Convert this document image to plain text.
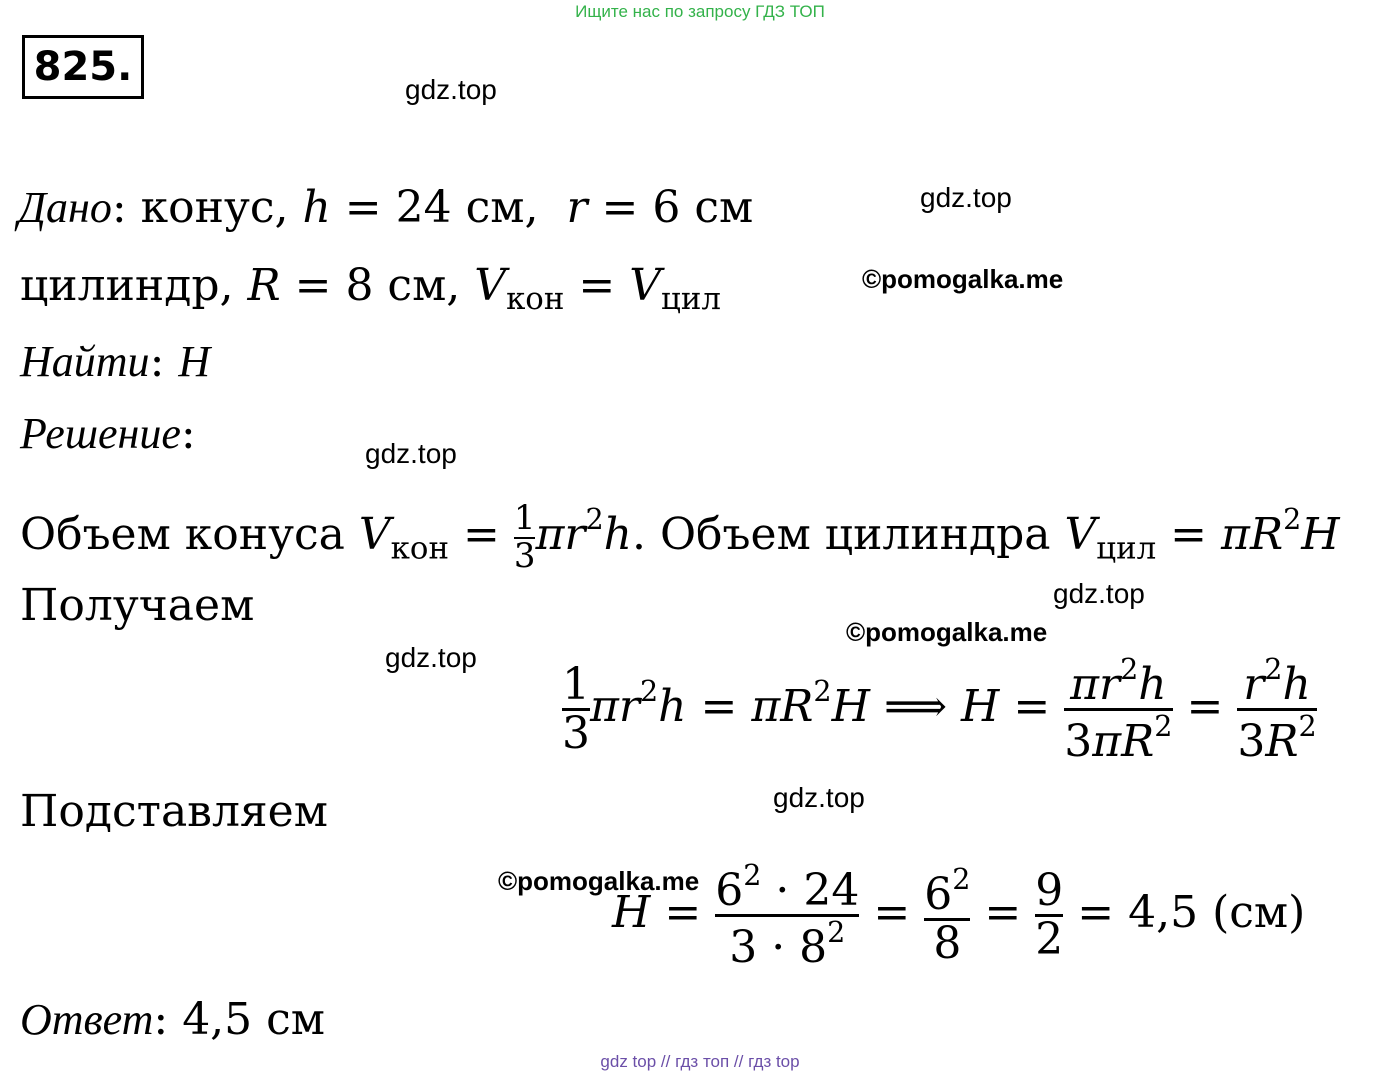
Ищите нас по запросу ГДЗ ТОП
825.	gdz.top
gdz.top
©pomogalka.me
gdz.top
gdz.top
©pomogalka.me
gdz.top
gdz.top
©pomogalka.me
Дано: конус, h = 24 см,  r = 6 см
цилиндр, R = 8 см, $V_{кон} = V_{цил}$
Найти: H
Решение:
Объем конуса $V_{кон} = \frac{1}{3} \pi r^2h$. Объем цилиндра $V_{цил} = \pi R^2H$
Получаем
$\frac{1}{3} \pi r^2h = \pi R^2H$ ⟹ $H = \frac{\pi r^2h}{3\pi R^2} = \frac{r^2h}{3R^2}$
Подставляем
$H = \frac{6^2 \cdot 24}{3 \cdot 8^2} = \frac{6^2}{8} = \frac{9}{2} = 4,5$ (см)
Ответ: 4,5 см
gdz top // гдз топ // гдз top
